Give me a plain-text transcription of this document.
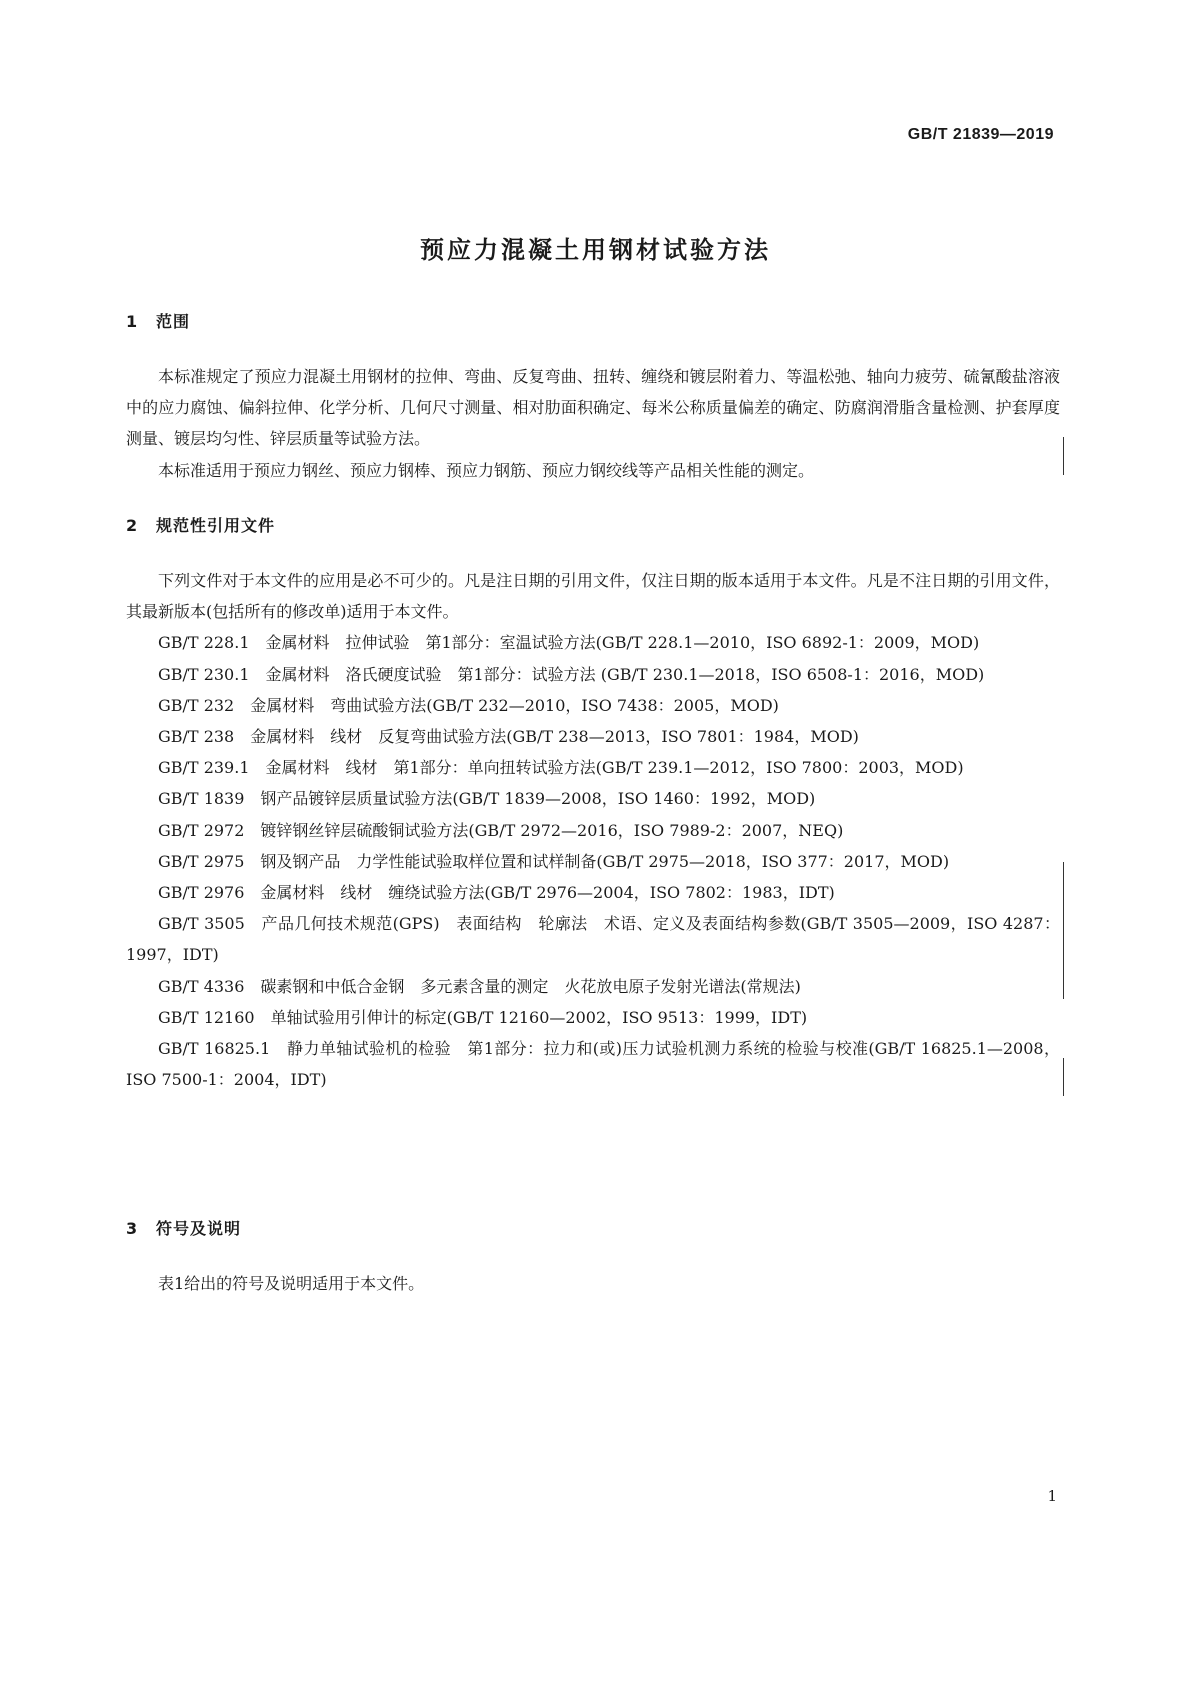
GB/T 21839—2019
预应力混凝土用钢材试验方法
1 范围

本标准规定了预应力混凝土用钢材的拉伸、弯曲、反复弯曲、扭转、缠绕和镀层附着力、等温松弛、轴向力疲劳、硫氰酸盐溶液中的应力腐蚀、偏斜拉伸、化学分析、几何尺寸测量、相对肋面积确定、每米公称质量偏差的确定、防腐润滑脂含量检测、护套厚度测量、镀层均匀性、锌层质量等试验方法。

本标准适用于预应力钢丝、预应力钢棒、预应力钢筋、预应力钢绞线等产品相关性能的测定。

2 规范性引用文件

下列文件对于本文件的应用是必不可少的。凡是注日期的引用文件，仅注日期的版本适用于本文件。凡是不注日期的引用文件，其最新版本(包括所有的修改单)适用于本文件。

GB/T 228.1　金属材料　拉伸试验　第1部分：室温试验方法(GB/T 228.1—2010，ISO 6892-1：2009，MOD)

GB/T 230.1　金属材料　洛氏硬度试验　第1部分：试验方法 (GB/T 230.1—2018，ISO 6508-1：2016，MOD)

GB/T 232　金属材料　弯曲试验方法(GB/T 232—2010，ISO 7438：2005，MOD)

GB/T 238　金属材料　线材　反复弯曲试验方法(GB/T 238—2013，ISO 7801：1984，MOD)

GB/T 239.1　金属材料　线材　第1部分：单向扭转试验方法(GB/T 239.1—2012，ISO 7800：2003，MOD)

GB/T 1839　钢产品镀锌层质量试验方法(GB/T 1839—2008，ISO 1460：1992，MOD)

GB/T 2972　镀锌钢丝锌层硫酸铜试验方法(GB/T 2972—2016，ISO 7989-2：2007，NEQ)

GB/T 2975　钢及钢产品　力学性能试验取样位置和试样制备(GB/T 2975—2018，ISO 377：2017，MOD)

GB/T 2976　金属材料　线材　缠绕试验方法(GB/T 2976—2004，ISO 7802：1983，IDT)

GB/T 3505　产品几何技术规范(GPS)　表面结构　轮廓法　术语、定义及表面结构参数(GB/T 3505—2009，ISO 4287：1997，IDT)

GB/T 4336　碳素钢和中低合金钢　多元素含量的测定　火花放电原子发射光谱法(常规法)

GB/T 12160　单轴试验用引伸计的标定(GB/T 12160—2002，ISO 9513：1999，IDT)

GB/T 16825.1　静力单轴试验机的检验　第1部分：拉力和(或)压力试验机测力系统的检验与校准(GB/T 16825.1—2008，ISO 7500-1：2004，IDT)

3 符号及说明

表1给出的符号及说明适用于本文件。

1
